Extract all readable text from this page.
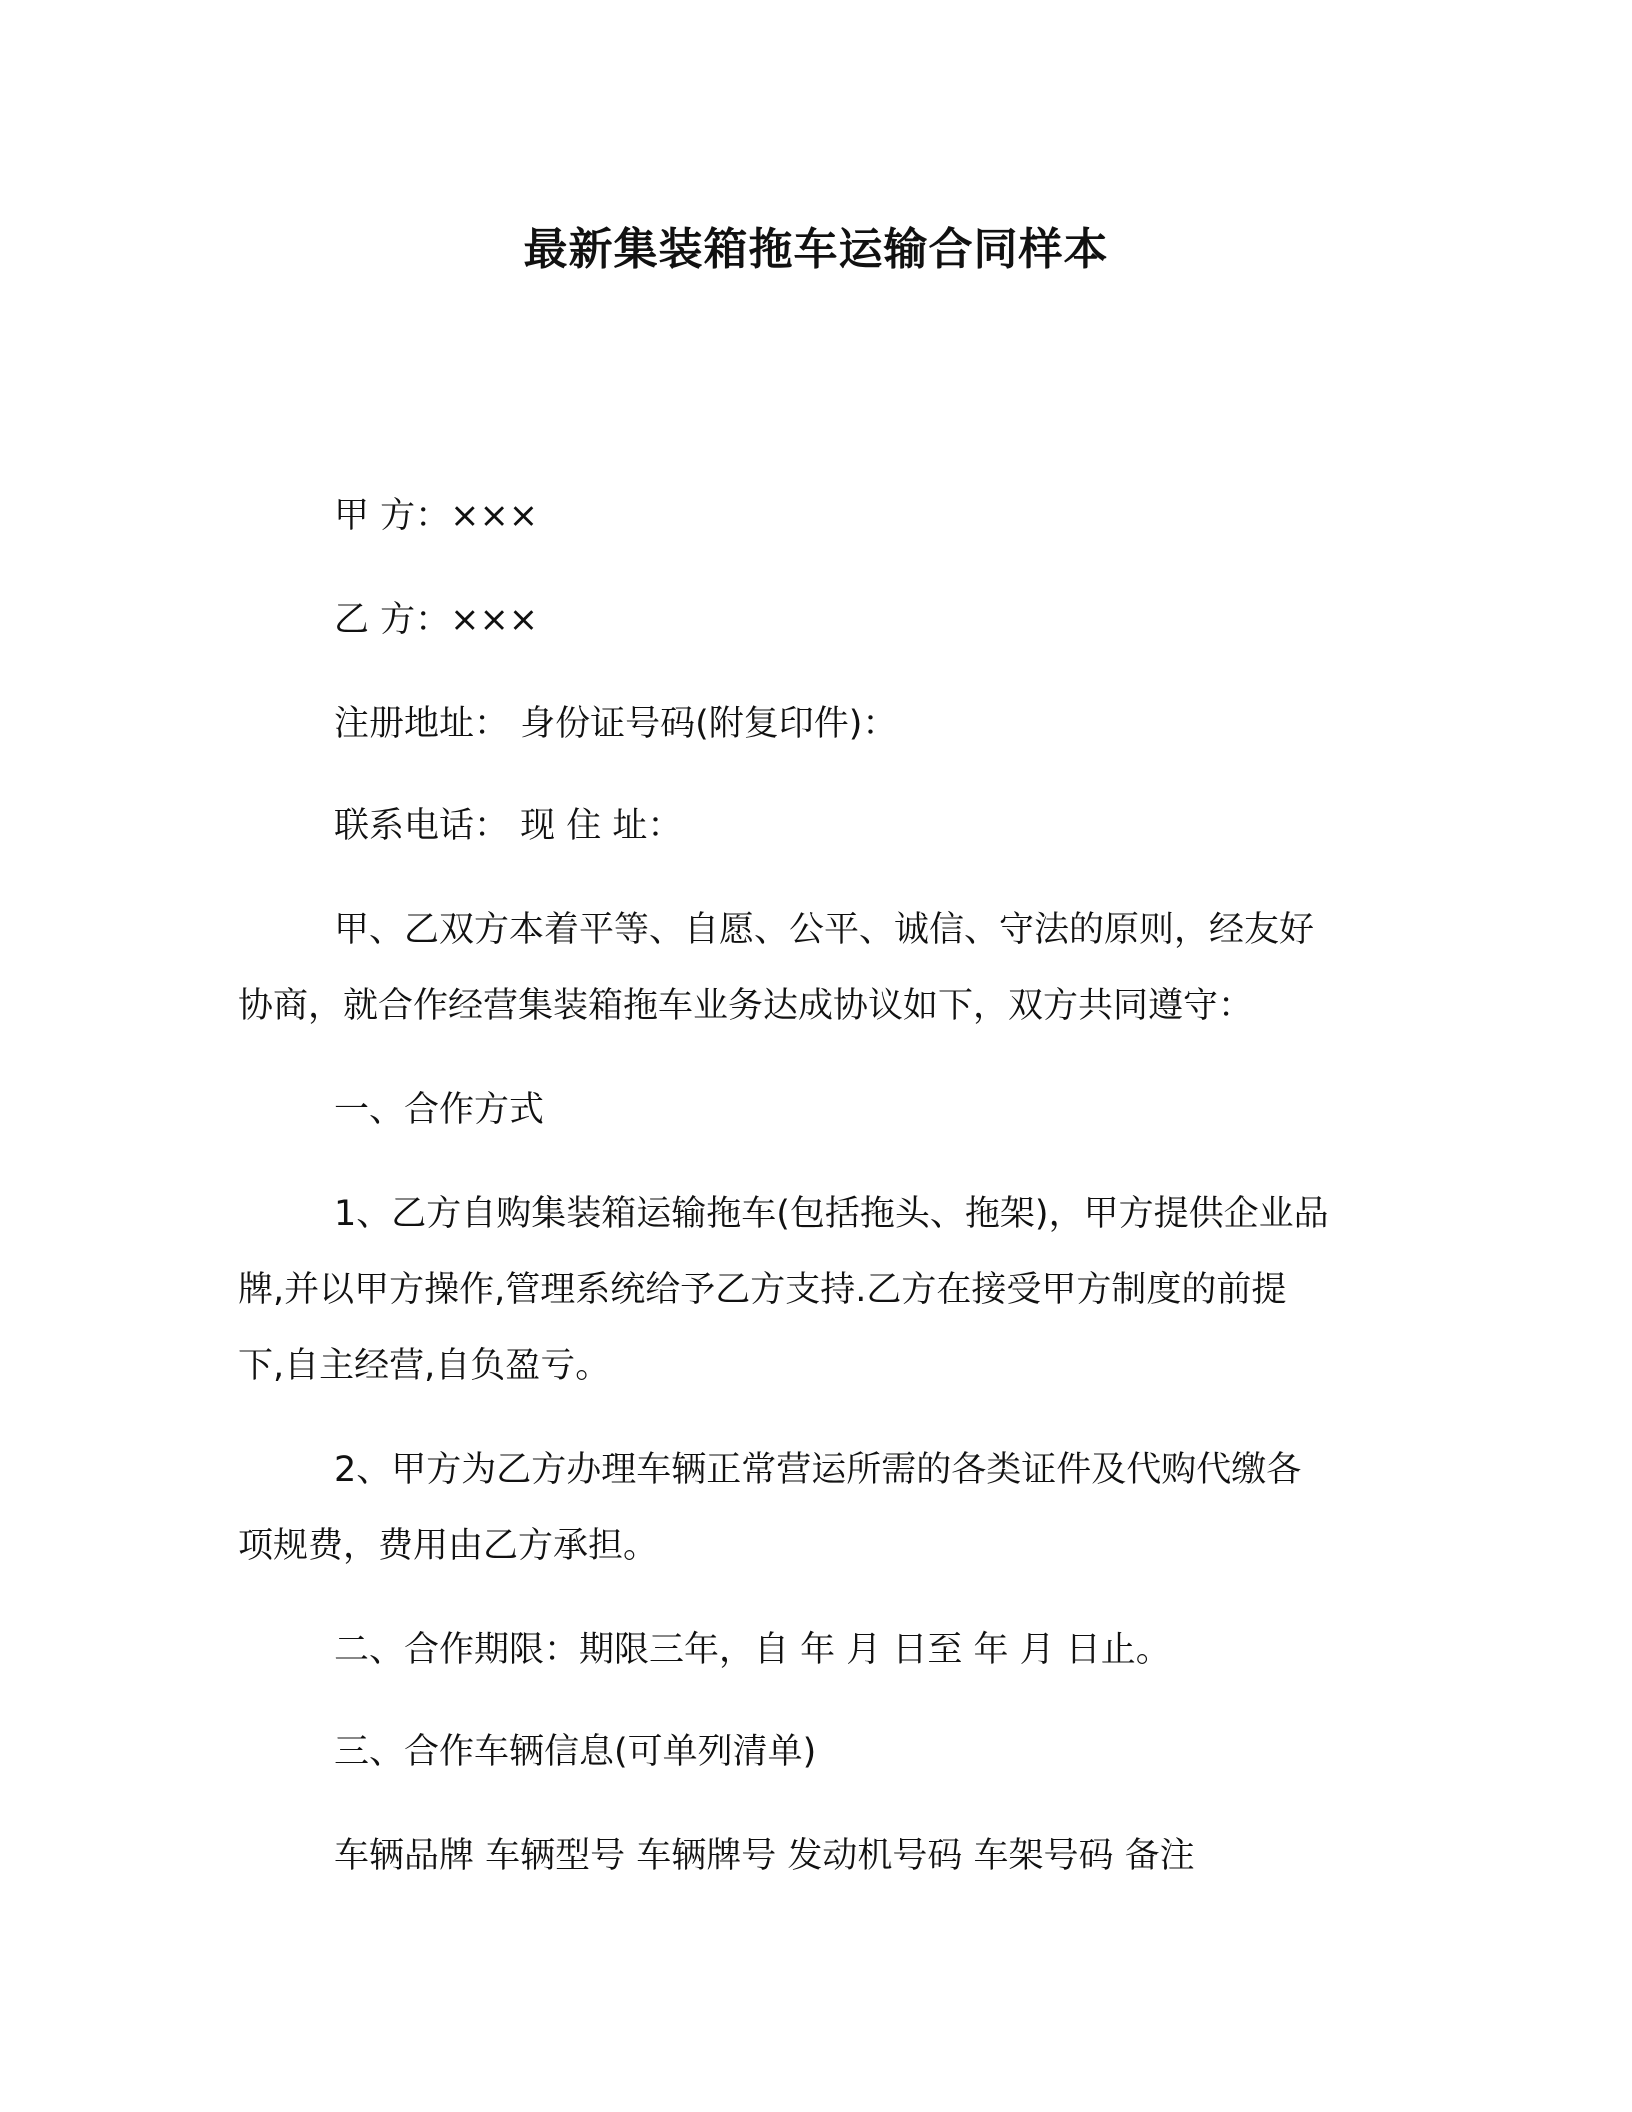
最新集装箱拖车运输合同样本
甲 方：×××
乙 方：×××
注册地址： 身份证号码(附复印件)：
联系电话： 现 住 址：
甲、乙双方本着平等、自愿、公平、诚信、守法的原则，经友好
协商，就合作经营集装箱拖车业务达成协议如下，双方共同遵守：
一、合作方式
1、乙方自购集装箱运输拖车(包括拖头、拖架)，甲方提供企业品
牌,并以甲方操作,管理系统给予乙方支持.乙方在接受甲方制度的前提
下,自主经营,自负盈亏。
2、甲方为乙方办理车辆正常营运所需的各类证件及代购代缴各
项规费，费用由乙方承担。
二、合作期限：期限三年，自 年 月 日至 年 月 日止。
三、合作车辆信息(可单列清单)
车辆品牌 车辆型号 车辆牌号 发动机号码 车架号码 备注
